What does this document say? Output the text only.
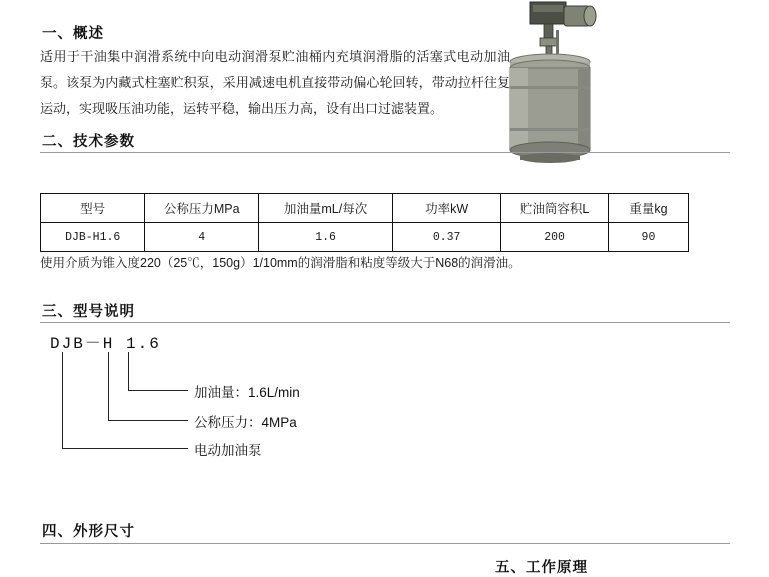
一、概述
适用于干油集中润滑系统中向电动润滑泵贮油桶内充填润滑脂的活塞式电动加油泵。该泵为内藏式柱塞贮积泵，采用减速电机直接带动偏心轮回转，带动拉杆往复运动，实现吸压油功能，运转平稳，输出压力高，设有出口过滤装置。
二、技术参数
型号	公称压力MPa	加油量mL/每次	功率kW	贮油筒容积L	重量kg
DJB-H1.6	4	1.6	0.37	200	90
使用介质为锥入度220（25℃，150g）1/10mm的润滑脂和粘度等级大于N68的润滑油。
三、型号说明
DJB－H 1.6
加油量：1.6L/min
公称压力：4MPa
电动加油泵
四、外形尺寸
五、工作原理
